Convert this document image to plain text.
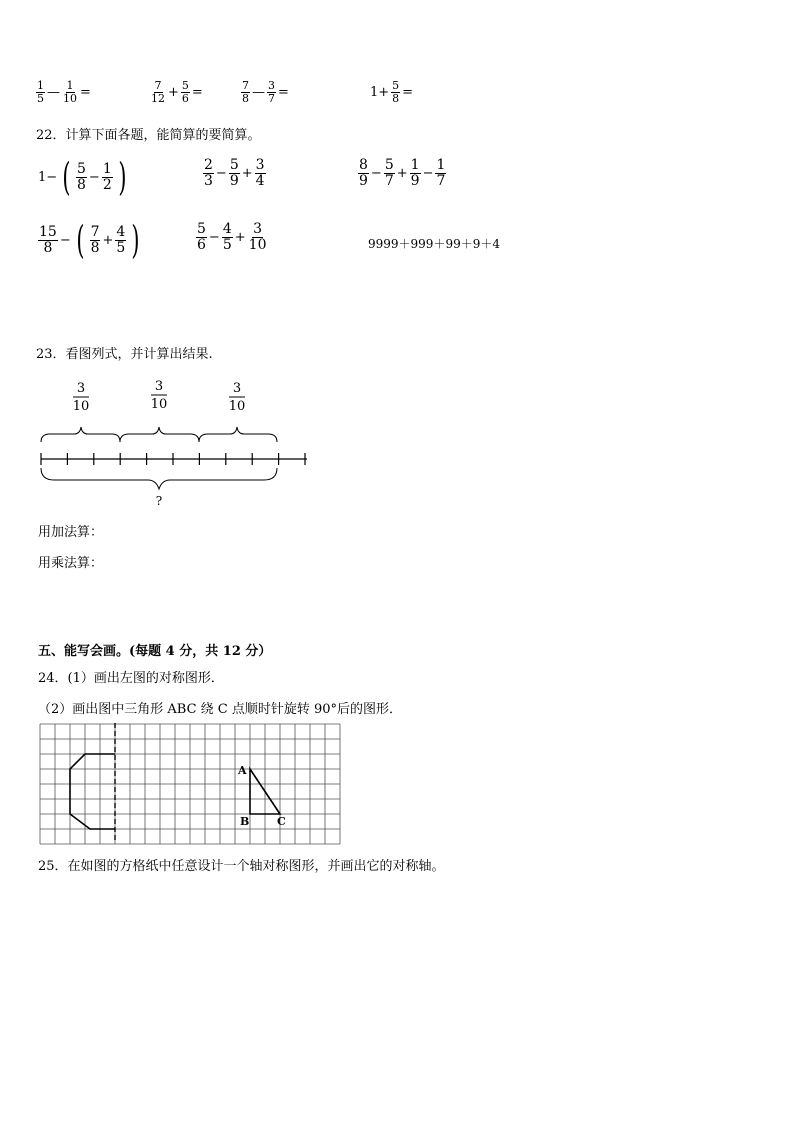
$\frac{1}{5}$ — $\frac{1}{10}$ =	$\frac{7}{12} + \frac{5}{6}$ =	$\frac{7}{8}$ — $\frac{3}{7}$ =	$1+ \frac{5}{8}$ =
22．计算下面各题，能简算的要简算。
1− ( $\frac{5}{8} - \frac{1}{2}$ )	$\frac{2}{3} - \frac{5}{9} + \frac{3}{4}$	$\frac{8}{9} - \frac{5}{7} + \frac{1}{9} - \frac{1}{7}$
$\frac{15}{8}$ − ( $\frac{7}{8} + \frac{4}{5}$ )	$\frac{5}{6} - \frac{4}{5} + \frac{3}{10}$	9999＋999＋99＋9＋4
23．看图列式，并计算出结果.
3
10
3
10
3
10
?
用加法算：
用乘法算：
五、能写会画。(每题 4 分，共 12 分）
24．(1）画出左图的对称图形．
（2）画出图中三角形 ABC 绕 C 点顺时针旋转 90°后的图形．
A
B	C
25．在如图的方格纸中任意设计一个轴对称图形，并画出它的对称轴。
